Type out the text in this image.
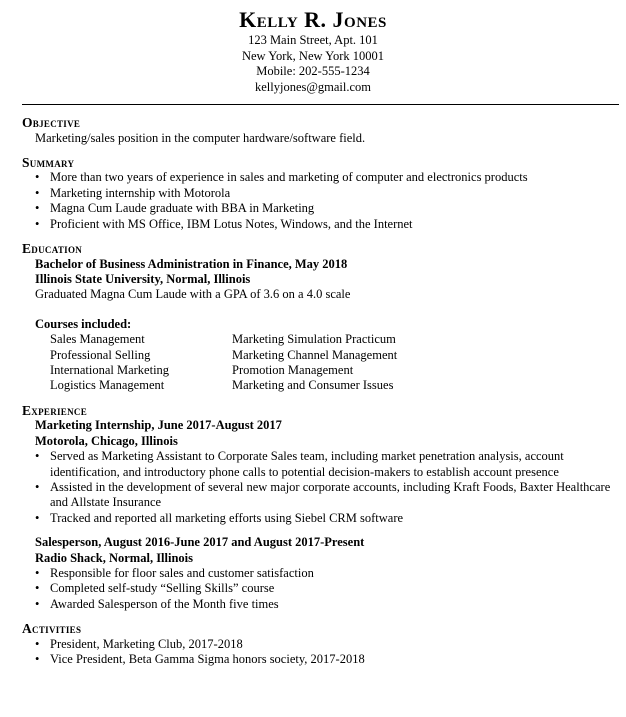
Kelly R. Jones
123 Main Street, Apt. 101
New York, New York 10001
Mobile: 202-555-1234
kellyjones@gmail.com
Objective
Marketing/sales position in the computer hardware/software field.
Summary
• More than two years of experience in sales and marketing of computer and electronics products
• Marketing internship with Motorola
• Magna Cum Laude graduate with BBA in Marketing
• Proficient with MS Office, IBM Lotus Notes, Windows, and the Internet
Education
Bachelor of Business Administration in Finance, May 2018
Illinois State University, Normal, Illinois
Graduated Magna Cum Laude with a GPA of 3.6 on a 4.0 scale
Courses included:
Sales Management
Professional Selling
International Marketing
Logistics Management
Marketing Simulation Practicum
Marketing Channel Management
Promotion Management
Marketing and Consumer Issues
Experience
Marketing Internship, June 2017-August 2017
Motorola, Chicago, Illinois
• Served as Marketing Assistant to Corporate Sales team, including market penetration analysis, account identification, and introductory phone calls to potential decision-makers to establish account presence
• Assisted in the development of several new major corporate accounts, including Kraft Foods, Baxter Healthcare and Allstate Insurance
• Tracked and reported all marketing efforts using Siebel CRM software
Salesperson, August 2016-June 2017 and August 2017-Present
Radio Shack, Normal, Illinois
• Responsible for floor sales and customer satisfaction
• Completed self-study “Selling Skills” course
• Awarded Salesperson of the Month five times
Activities
• President, Marketing Club, 2017-2018
• Vice President, Beta Gamma Sigma honors society, 2017-2018
